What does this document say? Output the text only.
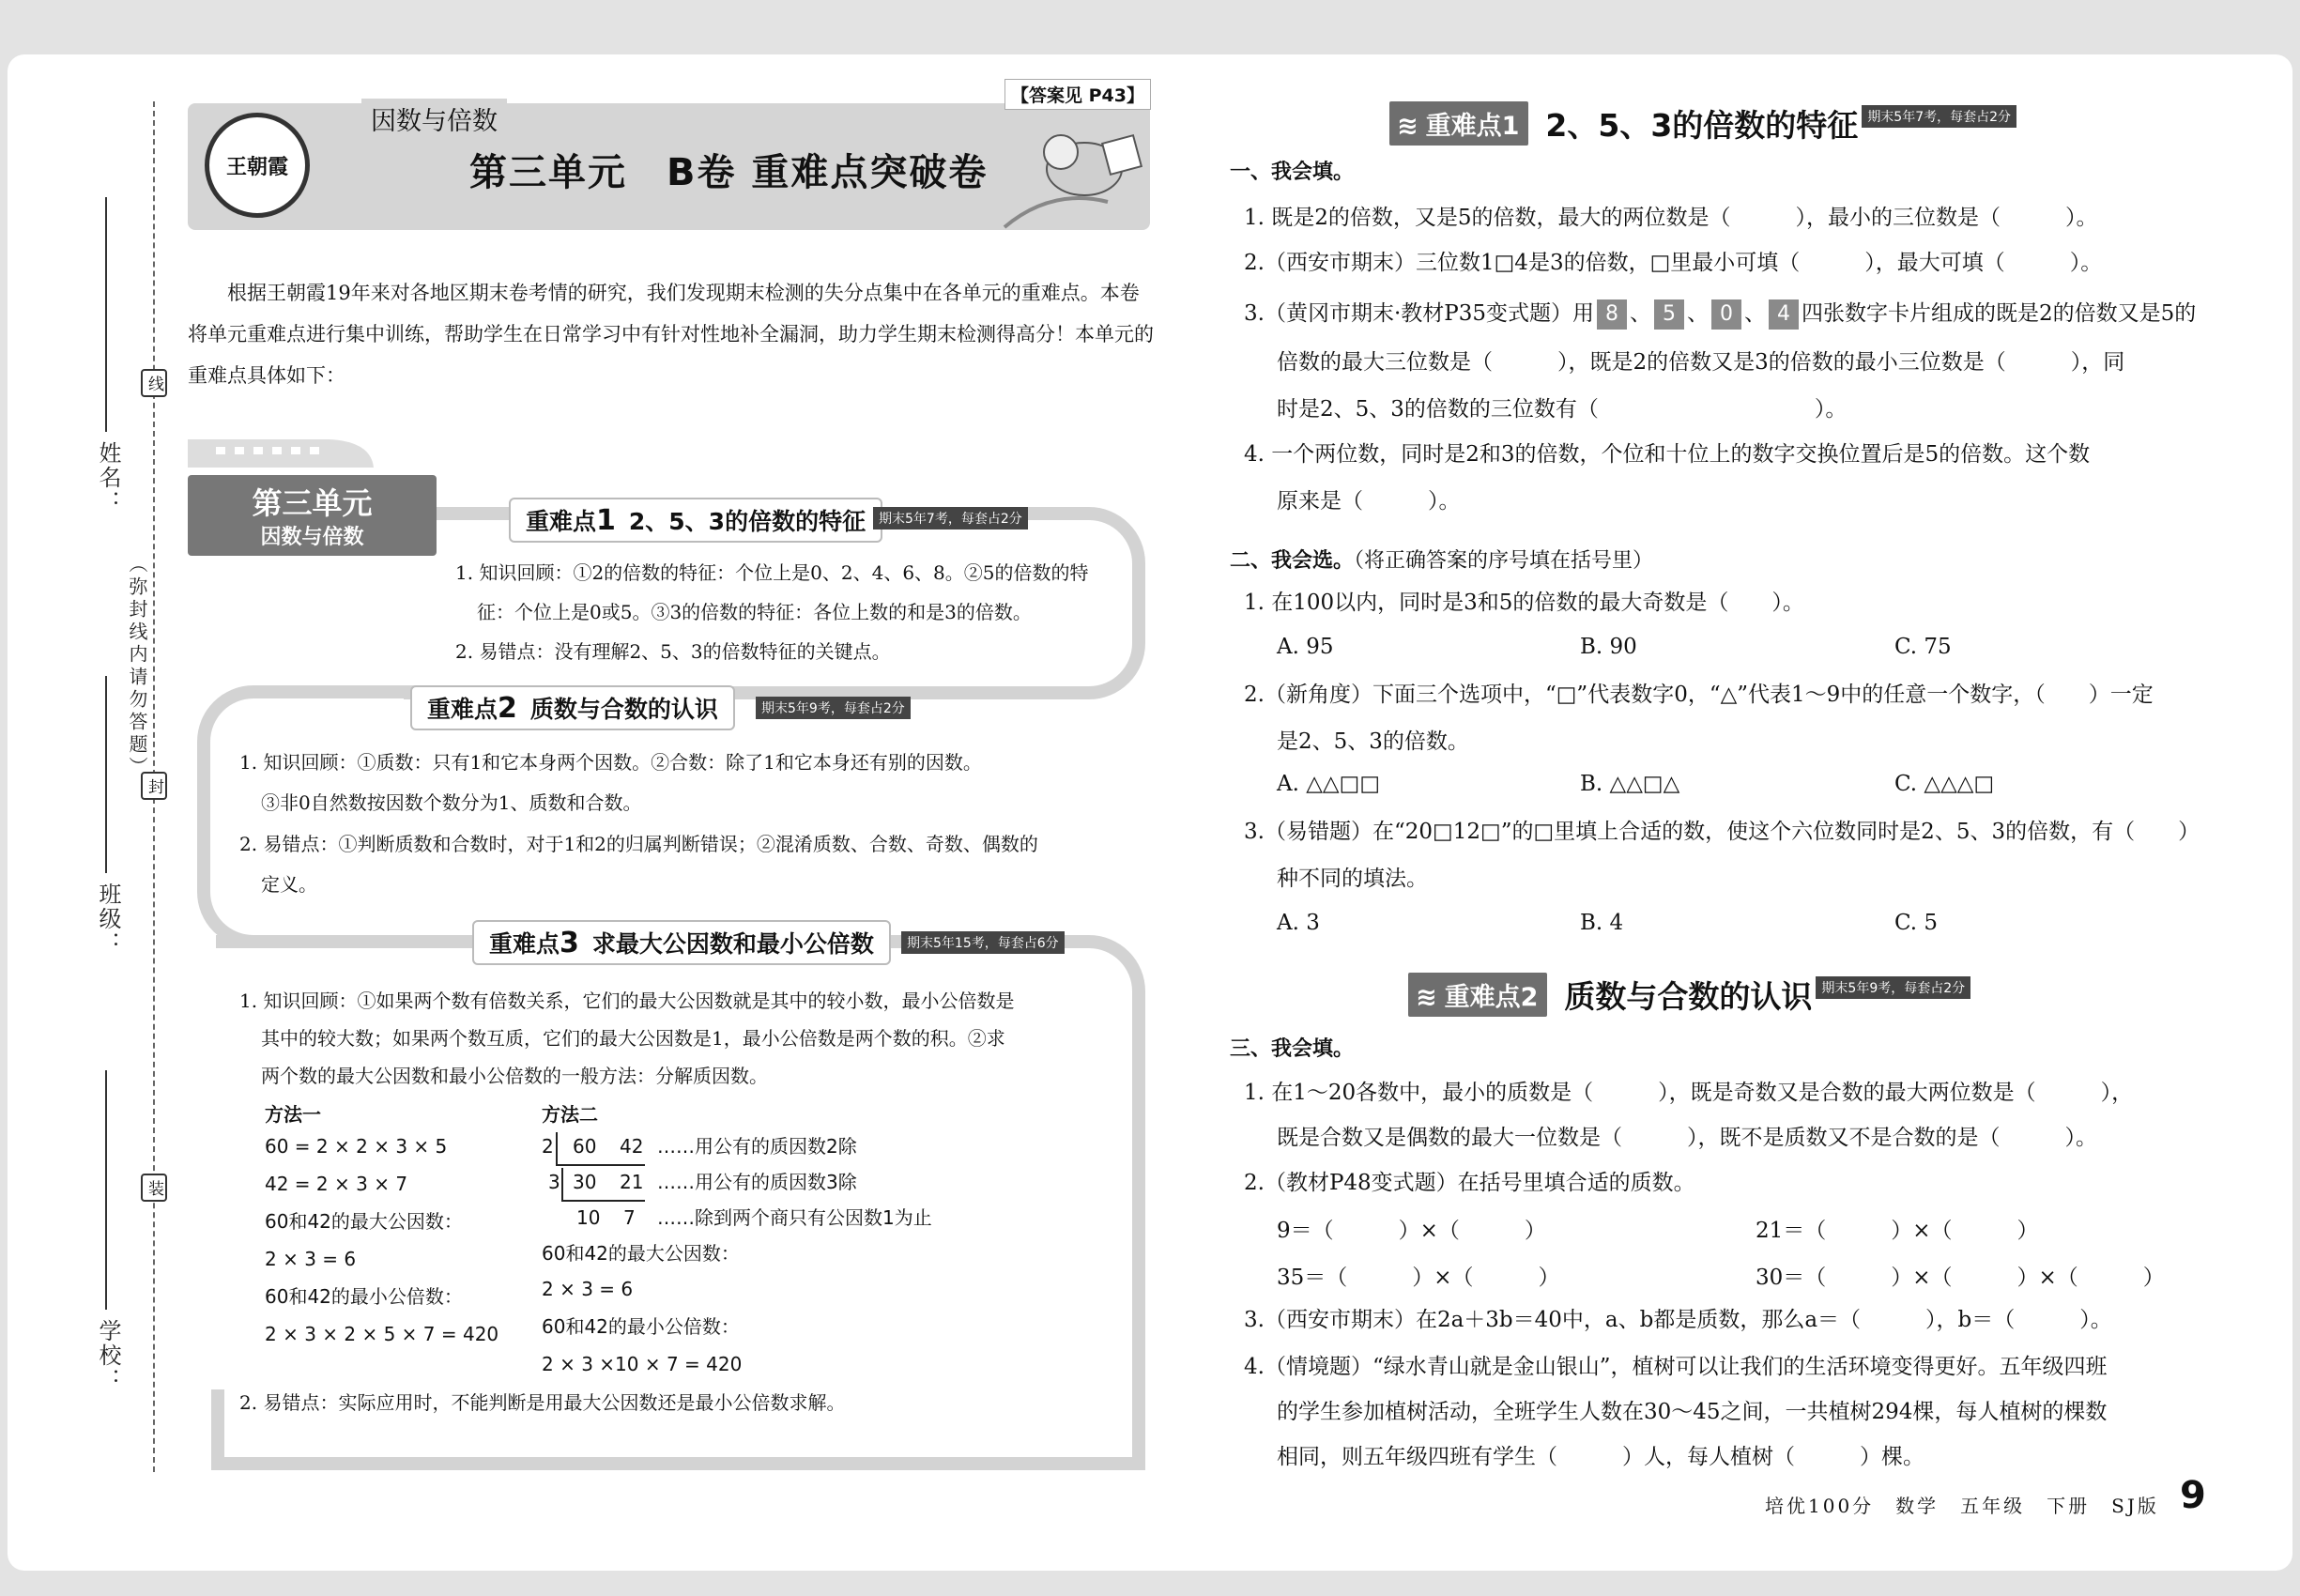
姓名：
班级：
学校：
线
封
装
（弥封线内请勿答题）
【答案见 P43】
王朝霞
因数与倍数
第三单元　B卷 重难点突破卷
根据王朝霞19年来对各地区期末卷考情的研究，我们发现期末检测的失分点集中在各单元的重难点。本卷将单元重难点进行集中训练，帮助学生在日常学习中有针对性地补全漏洞，助力学生期末检测得高分！本单元的重难点具体如下：
第三单元
因数与倍数
重难点1 2、5、3的倍数的特征 期末5年7考，每套占2分
1. 知识回顾：①2的倍数的特征：个位上是0、2、4、6、8。②5的倍数的特
征：个位上是0或5。③3的倍数的特征：各位上数的和是3的倍数。
2. 易错点：没有理解2、5、3的倍数特征的关键点。
重难点2 质数与合数的认识	期末5年9考，每套占2分
1. 知识回顾：①质数：只有1和它本身两个因数。②合数：除了1和它本身还有别的因数。
③非0自然数按因数个数分为1、质数和合数。
2. 易错点：①判断质数和合数时，对于1和2的归属判断错误；②混淆质数、合数、奇数、偶数的
定义。
重难点3 求最大公因数和最小公倍数	期末5年15考，每套占6分
1. 知识回顾：①如果两个数有倍数关系，它们的最大公因数就是其中的较小数，最小公倍数是
其中的较大数；如果两个数互质，它们的最大公因数是1，最小公倍数是两个数的积。②求
两个数的最大公因数和最小公倍数的一般方法：分解质因数。
方法一
60 = 2 × 2 × 3 × 5
42 = 2 × 3 × 7
60和42的最大公因数：
2 × 3 = 6
60和42的最小公倍数：
2 × 3 × 2 × 5 × 7 = 420
方法二
2 60 42 ……用公有的质因数2除
3 30 21 ……用公有的质因数3除
10 7 ……除到两个商只有公因数1为止
60和42的最大公因数：
2 × 3 = 6
60和42的最小公倍数：
2 × 3 ×10 × 7 = 420
2. 易错点：实际应用时，不能判断是用最大公因数还是最小公倍数求解。
≋ 重难点1 2、5、3的倍数的特征 期末5年7考，每套占2分
一、我会填。
1. 既是2的倍数，又是5的倍数，最大的两位数是（　　　），最小的三位数是（　　　）。
2.（西安市期末）三位数1□4是3的倍数，□里最小可填（　　　），最大可填（　　　）。
3.（黄冈市期末·教材P35变式题）用 8 、 5 、 0 、 4 四张数字卡片组成的既是2的倍数又是5的
倍数的最大三位数是（　　　），既是2的倍数又是3的倍数的最小三位数是（　　　），同
时是2、5、3的倍数的三位数有（　　　　　　　　　　）。
4. 一个两位数，同时是2和3的倍数，个位和十位上的数字交换位置后是5的倍数。这个数
原来是（　　　）。
二、我会选。（将正确答案的序号填在括号里）
1. 在100以内，同时是3和5的倍数的最大奇数是（　　）。
A. 95	B. 90	C. 75
2.（新角度）下面三个选项中，“□”代表数字0，“△”代表1～9中的任意一个数字，（　　）一定
是2、5、3的倍数。
A. △△□□	B. △△□△	C. △△△□
3.（易错题）在“20□12□”的□里填上合适的数，使这个六位数同时是2、5、3的倍数，有（　　）
种不同的填法。
A. 3	B. 4	C. 5
≋ 重难点2 质数与合数的认识 期末5年9考，每套占2分
三、我会填。
1. 在1～20各数中，最小的质数是（　　　），既是奇数又是合数的最大两位数是（　　　），
既是合数又是偶数的最大一位数是（　　　），既不是质数又不是合数的是（　　　）。
2.（教材P48变式题）在括号里填合适的质数。
9＝（　　　）×（　　　）	21＝（　　　）×（　　　）
35＝（　　　）×（　　　）	30＝（　　　）×（　　　）×（　　　）
3.（西安市期末）在2a＋3b＝40中，a、b都是质数，那么a＝（　　　），b＝（　　　）。
4.（情境题）“绿水青山就是金山银山”，植树可以让我们的生活环境变得更好。五年级四班
的学生参加植树活动，全班学生人数在30～45之间，一共植树294棵，每人植树的棵数
相同，则五年级四班有学生（　　　）人，每人植树（　　　）棵。
培优100分　数学　五年级　下册　SJ版 9
